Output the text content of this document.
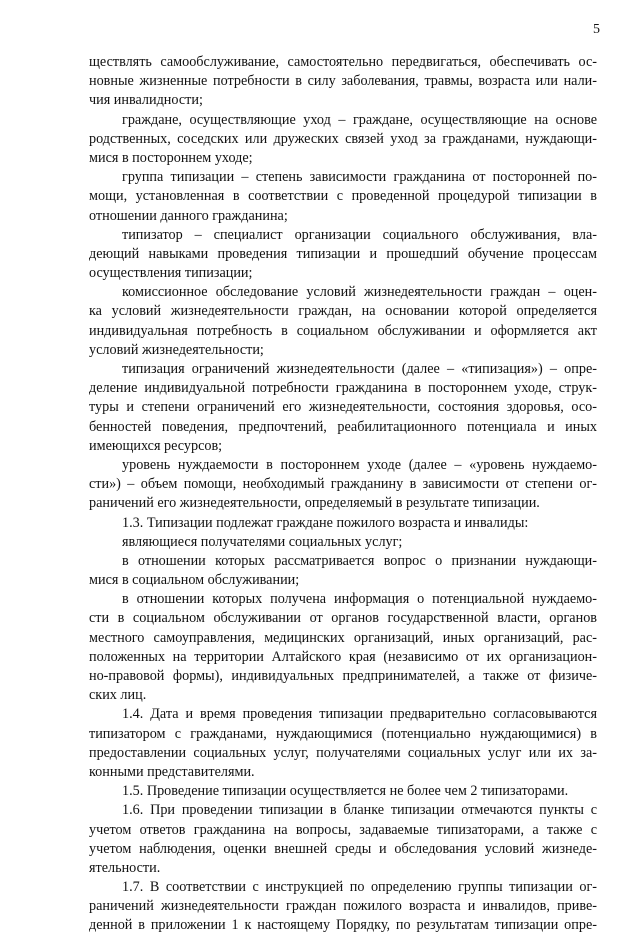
5
ществлять самообслуживание, самостоятельно передвигаться, обеспечивать ос-
новные жизненные потребности в силу заболевания, травмы, возраста или нали-
чия инвалидности;
граждане, осуществляющие уход – граждане, осуществляющие на основе
родственных, соседских или дружеских связей уход за гражданами, нуждающи-
мися в постороннем уходе;
группа типизации – степень зависимости гражданина от посторонней по-
мощи, установленная в соответствии с проведенной процедурой типизации в
отношении данного гражданина;
типизатор – специалист организации социального обслуживания, вла-
деющий навыками проведения типизации и прошедший обучение процессам
осуществления типизации;
комиссионное обследование условий жизнедеятельности граждан – оцен-
ка условий жизнедеятельности граждан, на основании которой определяется
индивидуальная потребность в социальном обслуживании и оформляется акт
условий жизнедеятельности;
типизация ограничений жизнедеятельности (далее – «типизация») – опре-
деление индивидуальной потребности гражданина в постороннем уходе, струк-
туры и степени ограничений его жизнедеятельности, состояния здоровья, осо-
бенностей поведения, предпочтений, реабилитационного потенциала и иных
имеющихся ресурсов;
уровень нуждаемости в постороннем уходе (далее – «уровень нуждаемо-
сти») – объем помощи, необходимый гражданину в зависимости от степени ог-
раничений его жизнедеятельности, определяемый в результате типизации.
1.3. Типизации подлежат граждане пожилого возраста и инвалиды:
являющиеся получателями социальных услуг;
в отношении которых рассматривается вопрос о признании нуждающи-
мися в социальном обслуживании;
в отношении которых получена информация о потенциальной нуждаемо-
сти в социальном обслуживании от органов государственной власти, органов
местного самоуправления, медицинских организаций, иных организаций, рас-
положенных на территории Алтайского края (независимо от их организацион-
но-правовой формы), индивидуальных предпринимателей, а также от физиче-
ских лиц.
1.4. Дата и время проведения типизации предварительно согласовываются
типизатором с гражданами, нуждающимися (потенциально нуждающимися) в
предоставлении социальных услуг, получателями социальных услуг или их за-
конными представителями.
1.5. Проведение типизации осуществляется не более чем 2 типизаторами.
1.6. При проведении типизации в бланке типизации отмечаются пункты с
учетом ответов гражданина на вопросы, задаваемые типизаторами, а также с
учетом наблюдения, оценки внешней среды и обследования условий жизнеде-
ятельности.
1.7. В соответствии с инструкцией по определению группы типизации ог-
раничений жизнедеятельности граждан пожилого возраста и инвалидов, приве-
денной в приложении 1 к настоящему Порядку, по результатам типизации опре-
